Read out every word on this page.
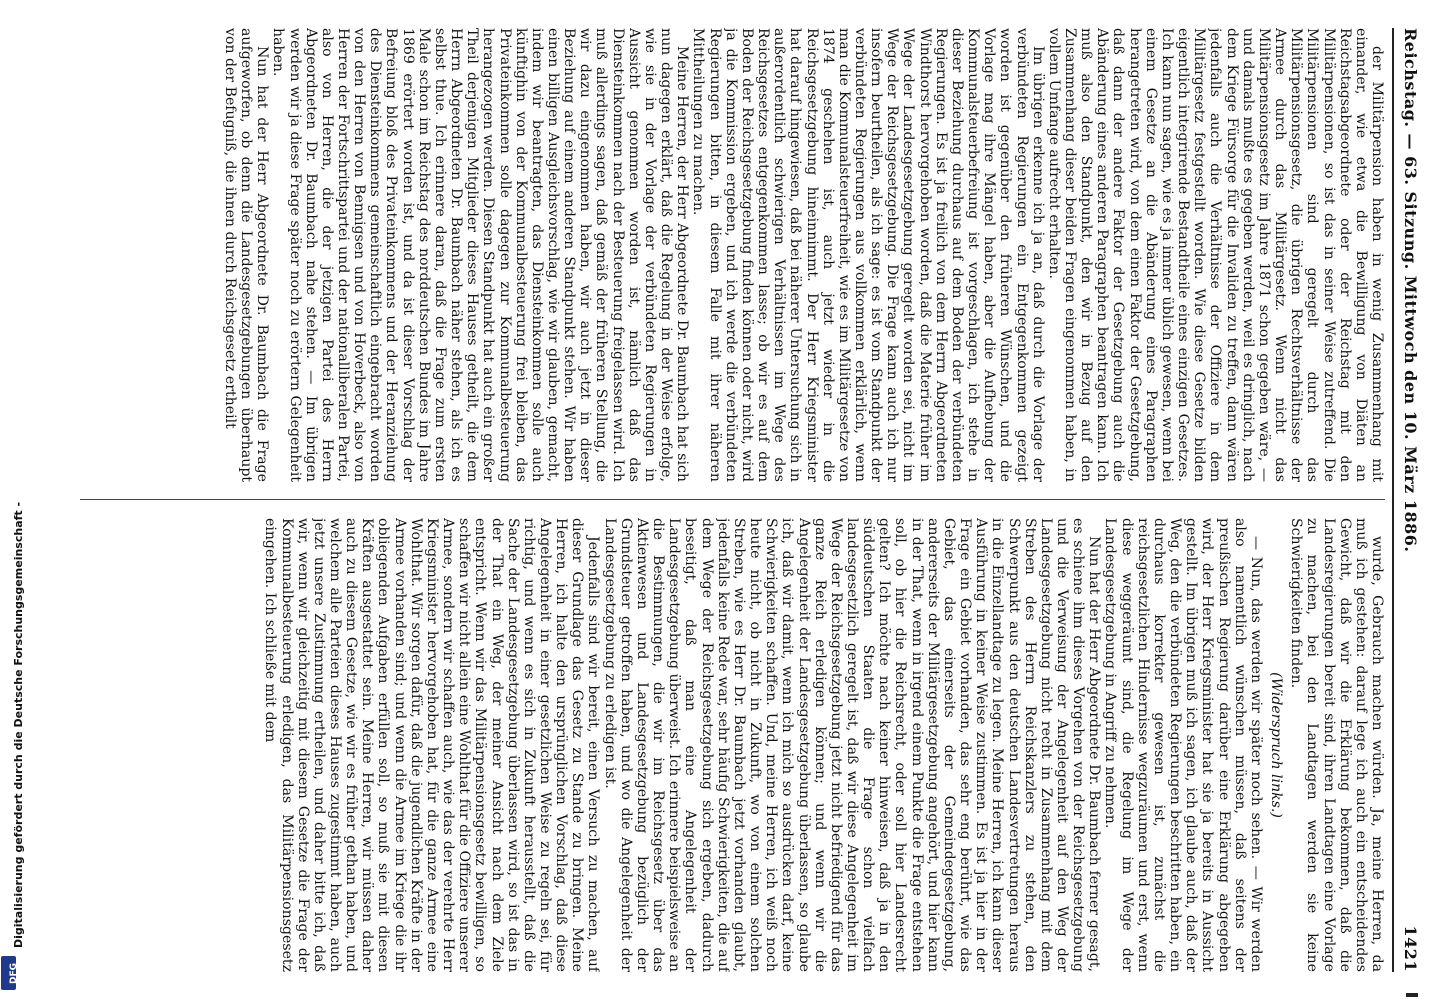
Reichstag. — 63. Sitzung. Mittwoch den 10. März 1886.
1421

der Militärpension haben in wenig Zusammenhang mit einander, wie etwa die Bewilligung von Diäten an Reichstagsabgeordnete oder der Reichstag mit den Militärpensionen, so ist das in seiner Weise zutreffend. Die Militärpensionen sind geregelt durch das Militärpensionsgesetz, die übrigen Rechtsverhältnisse der Armee durch das Militärgesetz. Wenn nicht das Militärpensionsgesetz im Jahre 1871 schon gegeben wäre, — und damals mußte es gegeben werden, weil es dringlich, nach dem Kriege Fürsorge für die Invaliden zu treffen, dann wären jedenfalls auch die Verhältnisse der Offiziere in dem Militärgesetz festgestellt worden. Wie diese Gesetze bilden eigentlich integrirende Bestandtheile eines einzigen Gesetzes. Ich kann nun sagen, wie es ja immer üblich gewesen, wenn bei einem Gesetze an die Abänderung eines Paragraphen herangetreten wird, von dem einen Faktor der Gesetzgebung, daß dann der andere Faktor der Gesetzgebung auch die Abänderung eines anderen Paragraphen beantragen kann. Ich muß also den Standpunkt, den wir in Bezug auf den Zusammenhang dieser beiden Fragen eingenommen haben, in vollem Umfange aufrecht erhalten.

Im übrigen erkenne ich ja an, daß durch die Vorlage der verbündeten Regierungen ein Entgegenkommen gezeigt worden ist gegenüber den früheren Wünschen, und die Vorlage mag ihre Mängel haben, aber die Aufhebung der Kommunalsteuerbefreiung ist vorgeschlagen, ich stehe in dieser Beziehung durchaus auf dem Boden der verbündeten Regierungen. Es ist ja freilich von dem Herrn Abgeordneten Windthorst hervorgehoben worden, daß die Materie früher im Wege der Landesgesetzgebung geregelt worden sei, nicht im Wege der Reichsgesetzgebung. Die Frage kann auch ich nur insofern beurtheilen, als ich sage: es ist vom Standpunkt der verbündeten Regierungen aus vollkommen erklärlich, wenn man die Kommunalsteuerfreiheit, wie es im Militärgesetze von 1874 geschehen ist, auch jetzt wieder in die Reichsgesetzgebung hineinnimmt. Der Herr Kriegsminister hat darauf hingewiesen, daß bei näherer Untersuchung sich in außerordentlich schwierigen Verhältnissen im Wege des Reichsgesetzes entgegenkommen lasse; ob wir es auf dem Boden der Reichsgesetzgebung finden können oder nicht, wird ja die Kommission ergeben, und ich werde die verbündeten Regierungen bitten, in diesem Falle mit ihrer näheren Mittheilungen zu machen.

Meine Herren, der Herr Abgeordnete Dr. Baumbach hat sich nun dagegen erklärt, daß die Regelung in der Weise erfolge, wie sie in der Vorlage der verbündeten Regierungen in Aussicht genommen worden ist, nämlich daß das Diensteinkommen nach der Besteuerung freigelassen wird. Ich muß allerdings sagen, daß gemäß der früheren Stellung, die wir dazu eingenommen haben, wir auch jetzt in dieser Beziehung auf einem anderen Standpunkt stehen. Wir haben einen billigen Ausgleichsvorschlag, wie wir glauben, gemacht, indem wir beantragten, das Diensteinkommen solle auch künftighin von der Kommunalbesteuerung frei bleiben, das Privateinkommen solle dagegen zur Kommunalbesteuerung herangezogen werden. Diesen Standpunkt hat auch ein großer Theil derjenigen Mitglieder dieses Hauses getheilt, die dem Herrn Abgeordneten Dr. Baumbach näher stehen, als ich es selbst thue. Ich erinnere daran, daß die Frage zum ersten Male schon im Reichstag des norddeutschen Bundes im Jahre 1869 erörtert worden ist, und da ist dieser Vorschlag der Befreiung bloß des Privateinkommens und der Heranziehung des Diensteinkommens gemeinschaftlich eingebracht worden von den Herren von Bennigsen und von Hoverbeck, also von Herren der Fortschrittspartei und der nationalliberalen Partei, also von Herren, die der jetzigen Partei des Herrn Abgeordneten Dr. Baumbach nahe stehen. — Im übrigen werden wir ja diese Frage später noch zu erörtern Gelegenheit haben.

Nun hat der Herr Abgeordnete Dr. Baumbach die Frage aufgeworfen, ob denn die Landesgesetzgebungen überhaupt von der Befugniß, die ihnen durch Reichsgesetz ertheilt

wurde, Gebrauch machen würden. Ja, meine Herren, da muß ich gestehen: darauf lege ich auch ein entscheidendes Gewicht, daß wir die Erklärung bekommen, daß die Landesregierungen bereit sind, ihren Landtagen eine Vorlage zu machen, bei den Landtagen werden sie keine Schwierigkeiten finden.

(Widerspruch links.)

— Nun, das werden wir später noch sehen. — Wir werden also namentlich wünschen müssen, daß seitens der preußischen Regierung darüber eine Erklärung abgegeben wird, der Herr Kriegsminister hat sie ja bereits in Aussicht gestellt. Im übrigen muß ich sagen, ich glaube auch, daß der Weg, den die verbündeten Regierungen beschritten haben, ein durchaus korrekter gewesen ist, zunächst die reichsgesetzlichen Hindernisse wegzuräumen und erst, wenn diese weggeräumt sind, die Regelung im Wege der Landesgesetzgebung in Angriff zu nehmen.

Nun hat der Herr Abgeordnete Dr. Baumbach ferner gesagt, es schiene ihm dieses Vorgehen von der Reichsgesetzgebung und die Verweisung der Angelegenheit auf den Weg der Landesgesetzgebung nicht recht in Zusammenhang mit dem Streben des Herrn Reichskanzlers zu stehen, den Schwerpunkt aus den deutschen Landesvertretungen heraus in die Einzellandtage zu legen. Meine Herren, ich kann dieser Ausführung in keiner Weise zustimmen. Es ist ja hier in der Frage ein Gebiet vorhanden, das sehr eng berührt, wie das Gebiet, das einerseits der Gemeindegesetzgebung, andererseits der Militärgesetzgebung angehört, und hier kann in der That, wenn in irgend einem Punkte die Frage entstehen soll, ob hier die Reichsrecht, oder soll hier Landesrecht gelten? Ich möchte nach keiner hinweisen, daß ja in den süddeutschen Staaten die Frage schon vielfach landesgesetzlich geregelt ist, daß wir diese Angelegenheit im Wege der Reichsgesetzgebung jetzt nicht befriedigend für das ganze Reich erledigen können; und wenn wir die Angelegenheit der Landesgesetzgebung überlassen, so glaube ich, daß wir damit, wenn ich mich so ausdrücken darf, keine Schwierigkeiten schaffen. Und, meine Herren, ich weiß noch heute nicht, ob nicht in Zukunft, wo von einem solchen Streben, wie es Herr Dr. Baumbach jetzt vorhanden glaubt, jedenfalls keine Rede war, sehr häufig Schwierigkeiten, die auf dem Wege der Reichsgesetzgebung sich ergeben, dadurch beseitigt, daß man eine Angelegenheit der Landesgesetzgebung überweist. Ich erinnere beispielsweise an die Bestimmungen, die wir im Reichsgesetz über das Aktienwesen und Landesgesetzgebung bezüglich der Grundsteuer getroffen haben, und wo die Angelegenheit der Landesgesetzgebung zu erledigen ist.

Jedenfalls sind wir bereit, einen Versuch zu machen, auf dieser Grundlage das Gesetz zu Stande zu bringen. Meine Herren, ich halte den ursprünglichen Vorschlag, daß diese Angelegenheit in einer gesetzlichen Weise zu regeln sei, für richtig, und wenn es sich in Zukunft herausstellt, daß die Sache der Landesgesetzgebung überlassen wird, so ist das in der That ein Weg, der meiner Ansicht nach dem Ziele entspricht. Wenn wir das Militärpensionsgesetz bewilligen, so schaffen wir nicht allein eine Wohlthat für die Offiziere unserer Armee, sondern wir schaffen auch, wie das der verehrte Herr Kriegsminister hervorgehoben hat, für die ganze Armee eine Wohlthat. Wir sorgen dafür, daß die jugendlichen Kräfte in der Armee vorhanden sind; und wenn die Armee im Kriege die ihr obliegenden Aufgaben erfüllen soll, so muß sie mit diesen Kräften ausgestattet sein. Meine Herren, wir müssen daher auch zu diesem Gesetze, wie wir es früher gethan haben, und welchem alle Parteien dieses Hauses zugestimmt haben, auch jetzt unsere Zustimmung ertheilen, und daher bitte ich, daß wir, wenn wir gleichzeitig mit diesem Gesetze die Frage der Kommunalbesteuerung erledigen, das Militärpensionsgesetz eingehen. Ich schließe mit dem

Digitalisierung gefördert durch die Deutsche Forschungsgemeinschaft -
DFG
